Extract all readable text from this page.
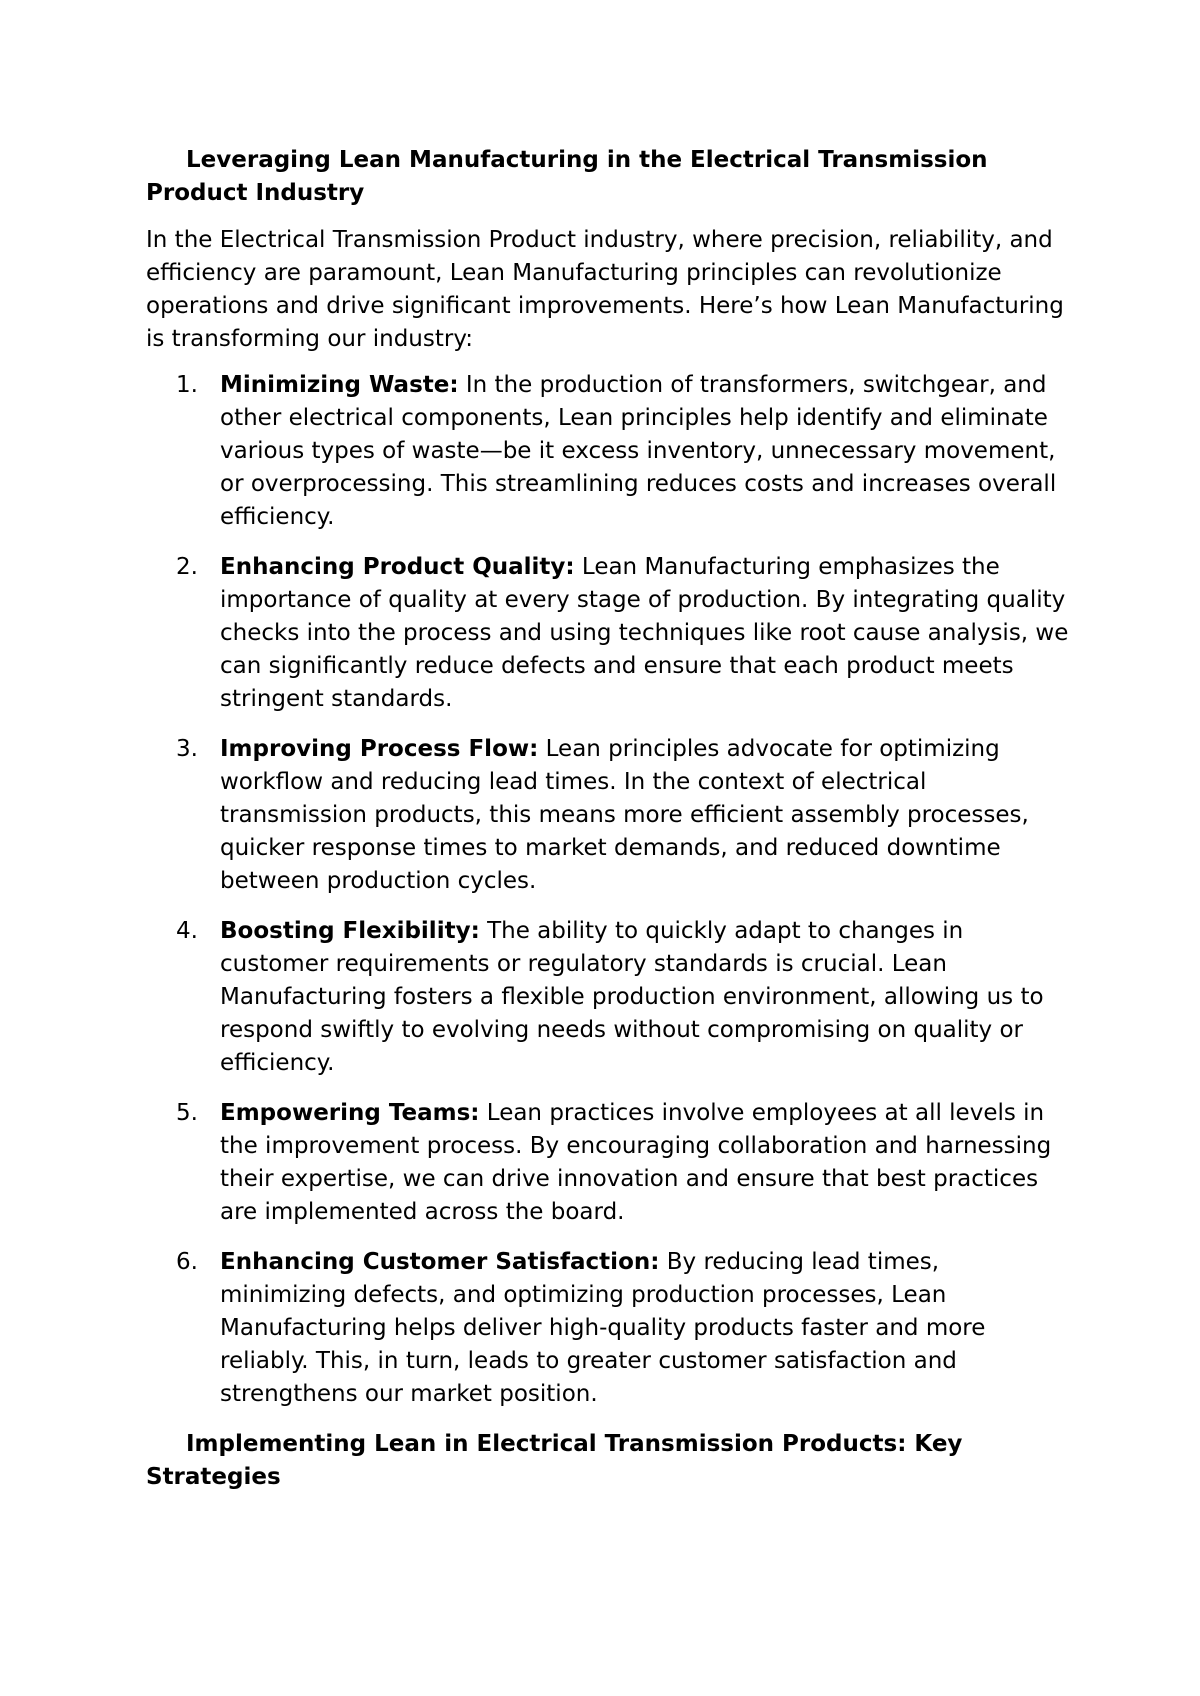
Leveraging Lean Manufacturing in the Electrical Transmission Product Industry

In the Electrical Transmission Product industry, where precision, reliability, and efficiency are paramount, Lean Manufacturing principles can revolutionize operations and drive significant improvements. Here’s how Lean Manufacturing is transforming our industry:

1. Minimizing Waste: In the production of transformers, switchgear, and other electrical components, Lean principles help identify and eliminate various types of waste—be it excess inventory, unnecessary movement, or overprocessing. This streamlining reduces costs and increases overall efficiency.
2. Enhancing Product Quality: Lean Manufacturing emphasizes the importance of quality at every stage of production. By integrating quality checks into the process and using techniques like root cause analysis, we can significantly reduce defects and ensure that each product meets stringent standards.
3. Improving Process Flow: Lean principles advocate for optimizing workflow and reducing lead times. In the context of electrical transmission products, this means more efficient assembly processes, quicker response times to market demands, and reduced downtime between production cycles.
4. Boosting Flexibility: The ability to quickly adapt to changes in customer requirements or regulatory standards is crucial. Lean Manufacturing fosters a flexible production environment, allowing us to respond swiftly to evolving needs without compromising on quality or efficiency.
5. Empowering Teams: Lean practices involve employees at all levels in the improvement process. By encouraging collaboration and harnessing their expertise, we can drive innovation and ensure that best practices are implemented across the board.
6. Enhancing Customer Satisfaction: By reducing lead times, minimizing defects, and optimizing production processes, Lean Manufacturing helps deliver high-quality products faster and more reliably. This, in turn, leads to greater customer satisfaction and strengthens our market position.

Implementing Lean in Electrical Transmission Products: Key Strategies
